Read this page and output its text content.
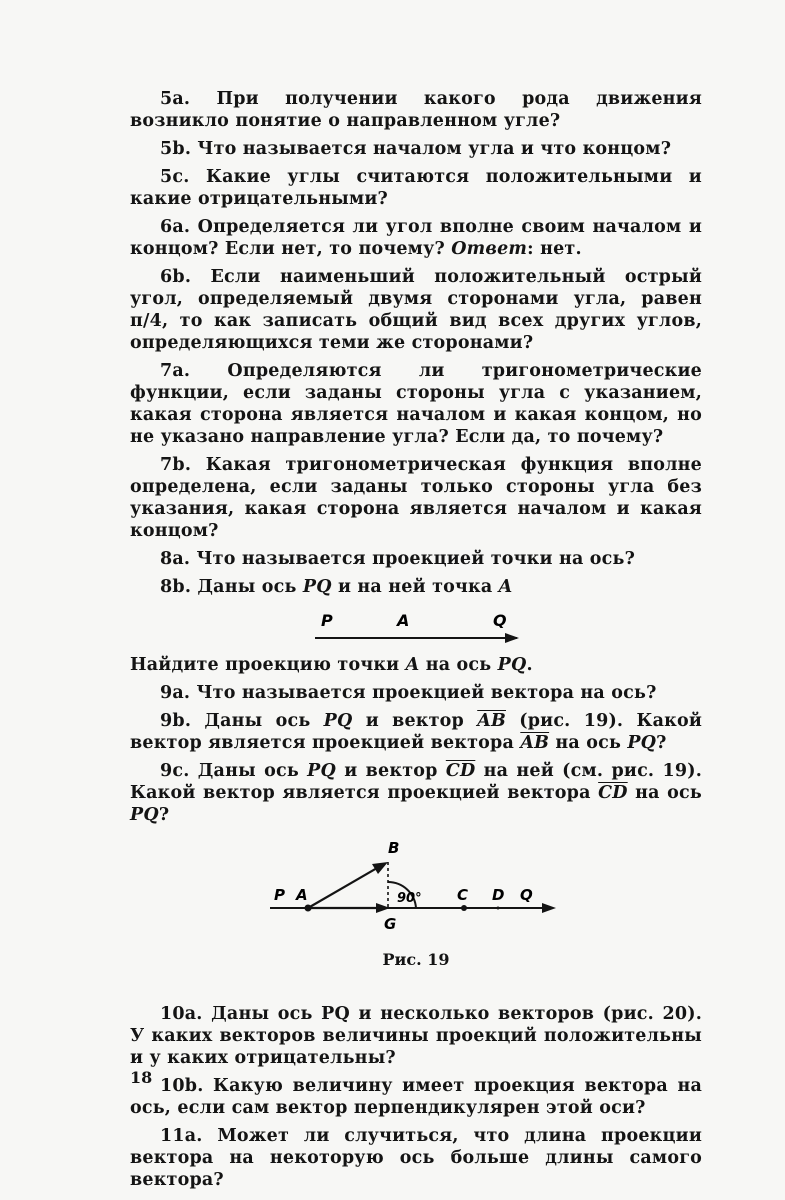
5a. При получении какого рода движения возникло понятие о направленном угле?

5b. Что называется началом угла и что концом?

5c. Какие углы считаются положительными и какие отрицательными?

6a. Определяется ли угол вполне своим началом и концом? Если нет, то почему? Ответ: нет.

6b. Если наименьший положительный острый угол, определяемый двумя сторонами угла, равен π/4, то как записать общий вид всех других углов, определяющихся теми же сторонами?

7a. Определяются ли тригонометрические функции, если заданы стороны угла с указанием, какая сторона является началом и какая концом, но не указано направление угла? Если да, то почему?

7b. Какая тригонометрическая функция вполне определена, если заданы только стороны угла без указания, какая сторона является началом и какая концом?

8a. Что называется проекцией точки на ось?

8b. Даны ось PQ и на ней точка A

P	A	Q

Найдите проекцию точки A на ось PQ.

9a. Что называется проекцией вектора на ось?

9b. Даны ось PQ и вектор $\overline{AB}$ (рис. 19). Какой вектор является проекцией вектора $\overline{AB}$ на ось PQ?

9c. Даны ось PQ и вектор $\overline{CD}$ на ней (см. рис. 19). Какой вектор является проекцией вектора $\overline{CD}$ на ось PQ?

P A
B
G
C D Q
90°
Рис. 19

10a. Даны ось PQ и несколько векторов (рис. 20). У каких векторов величины проекций положительны и у каких отрицательны?

10b. Какую величину имеет проекция вектора на ось, если сам вектор перпендикулярен этой оси?

11a. Может ли случиться, что длина проекции вектора на некоторую ось больше длины самого вектора?

18
